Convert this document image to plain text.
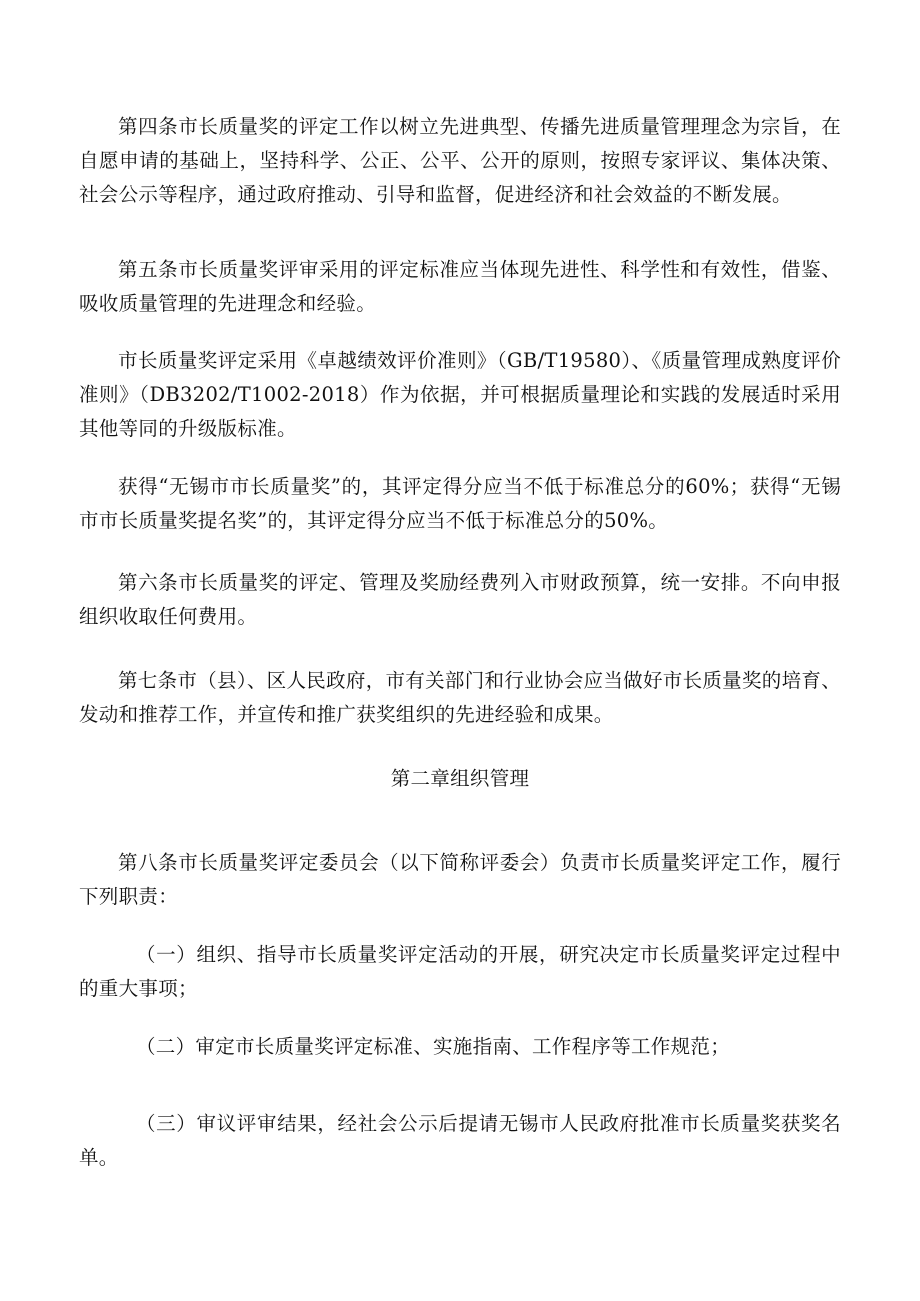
第四条市长质量奖的评定工作以树立先进典型、传播先进质量管理理念为宗旨，在自愿申请的基础上，坚持科学、公正、公平、公开的原则，按照专家评议、集体决策、社会公示等程序，通过政府推动、引导和监督，促进经济和社会效益的不断发展。

第五条市长质量奖评审采用的评定标准应当体现先进性、科学性和有效性，借鉴、吸收质量管理的先进理念和经验。

市长质量奖评定采用《卓越绩效评价准则》（GB/T19580）、《质量管理成熟度评价准则》（DB3202/T1002-2018）作为依据，并可根据质量理论和实践的发展适时采用其他等同的升级版标准。

获得“无锡市市长质量奖”的，其评定得分应当不低于标准总分的60%；获得“无锡市市长质量奖提名奖”的，其评定得分应当不低于标准总分的50%。

第六条市长质量奖的评定、管理及奖励经费列入市财政预算，统一安排。不向申报组织收取任何费用。

第七条市（县）、区人民政府，市有关部门和行业协会应当做好市长质量奖的培育、发动和推荐工作，并宣传和推广获奖组织的先进经验和成果。

第二章组织管理

第八条市长质量奖评定委员会（以下简称评委会）负责市长质量奖评定工作，履行下列职责：

（一）组织、指导市长质量奖评定活动的开展，研究决定市长质量奖评定过程中的重大事项；

（二）审定市长质量奖评定标准、实施指南、工作程序等工作规范；

（三）审议评审结果，经社会公示后提请无锡市人民政府批准市长质量奖获奖名单。
